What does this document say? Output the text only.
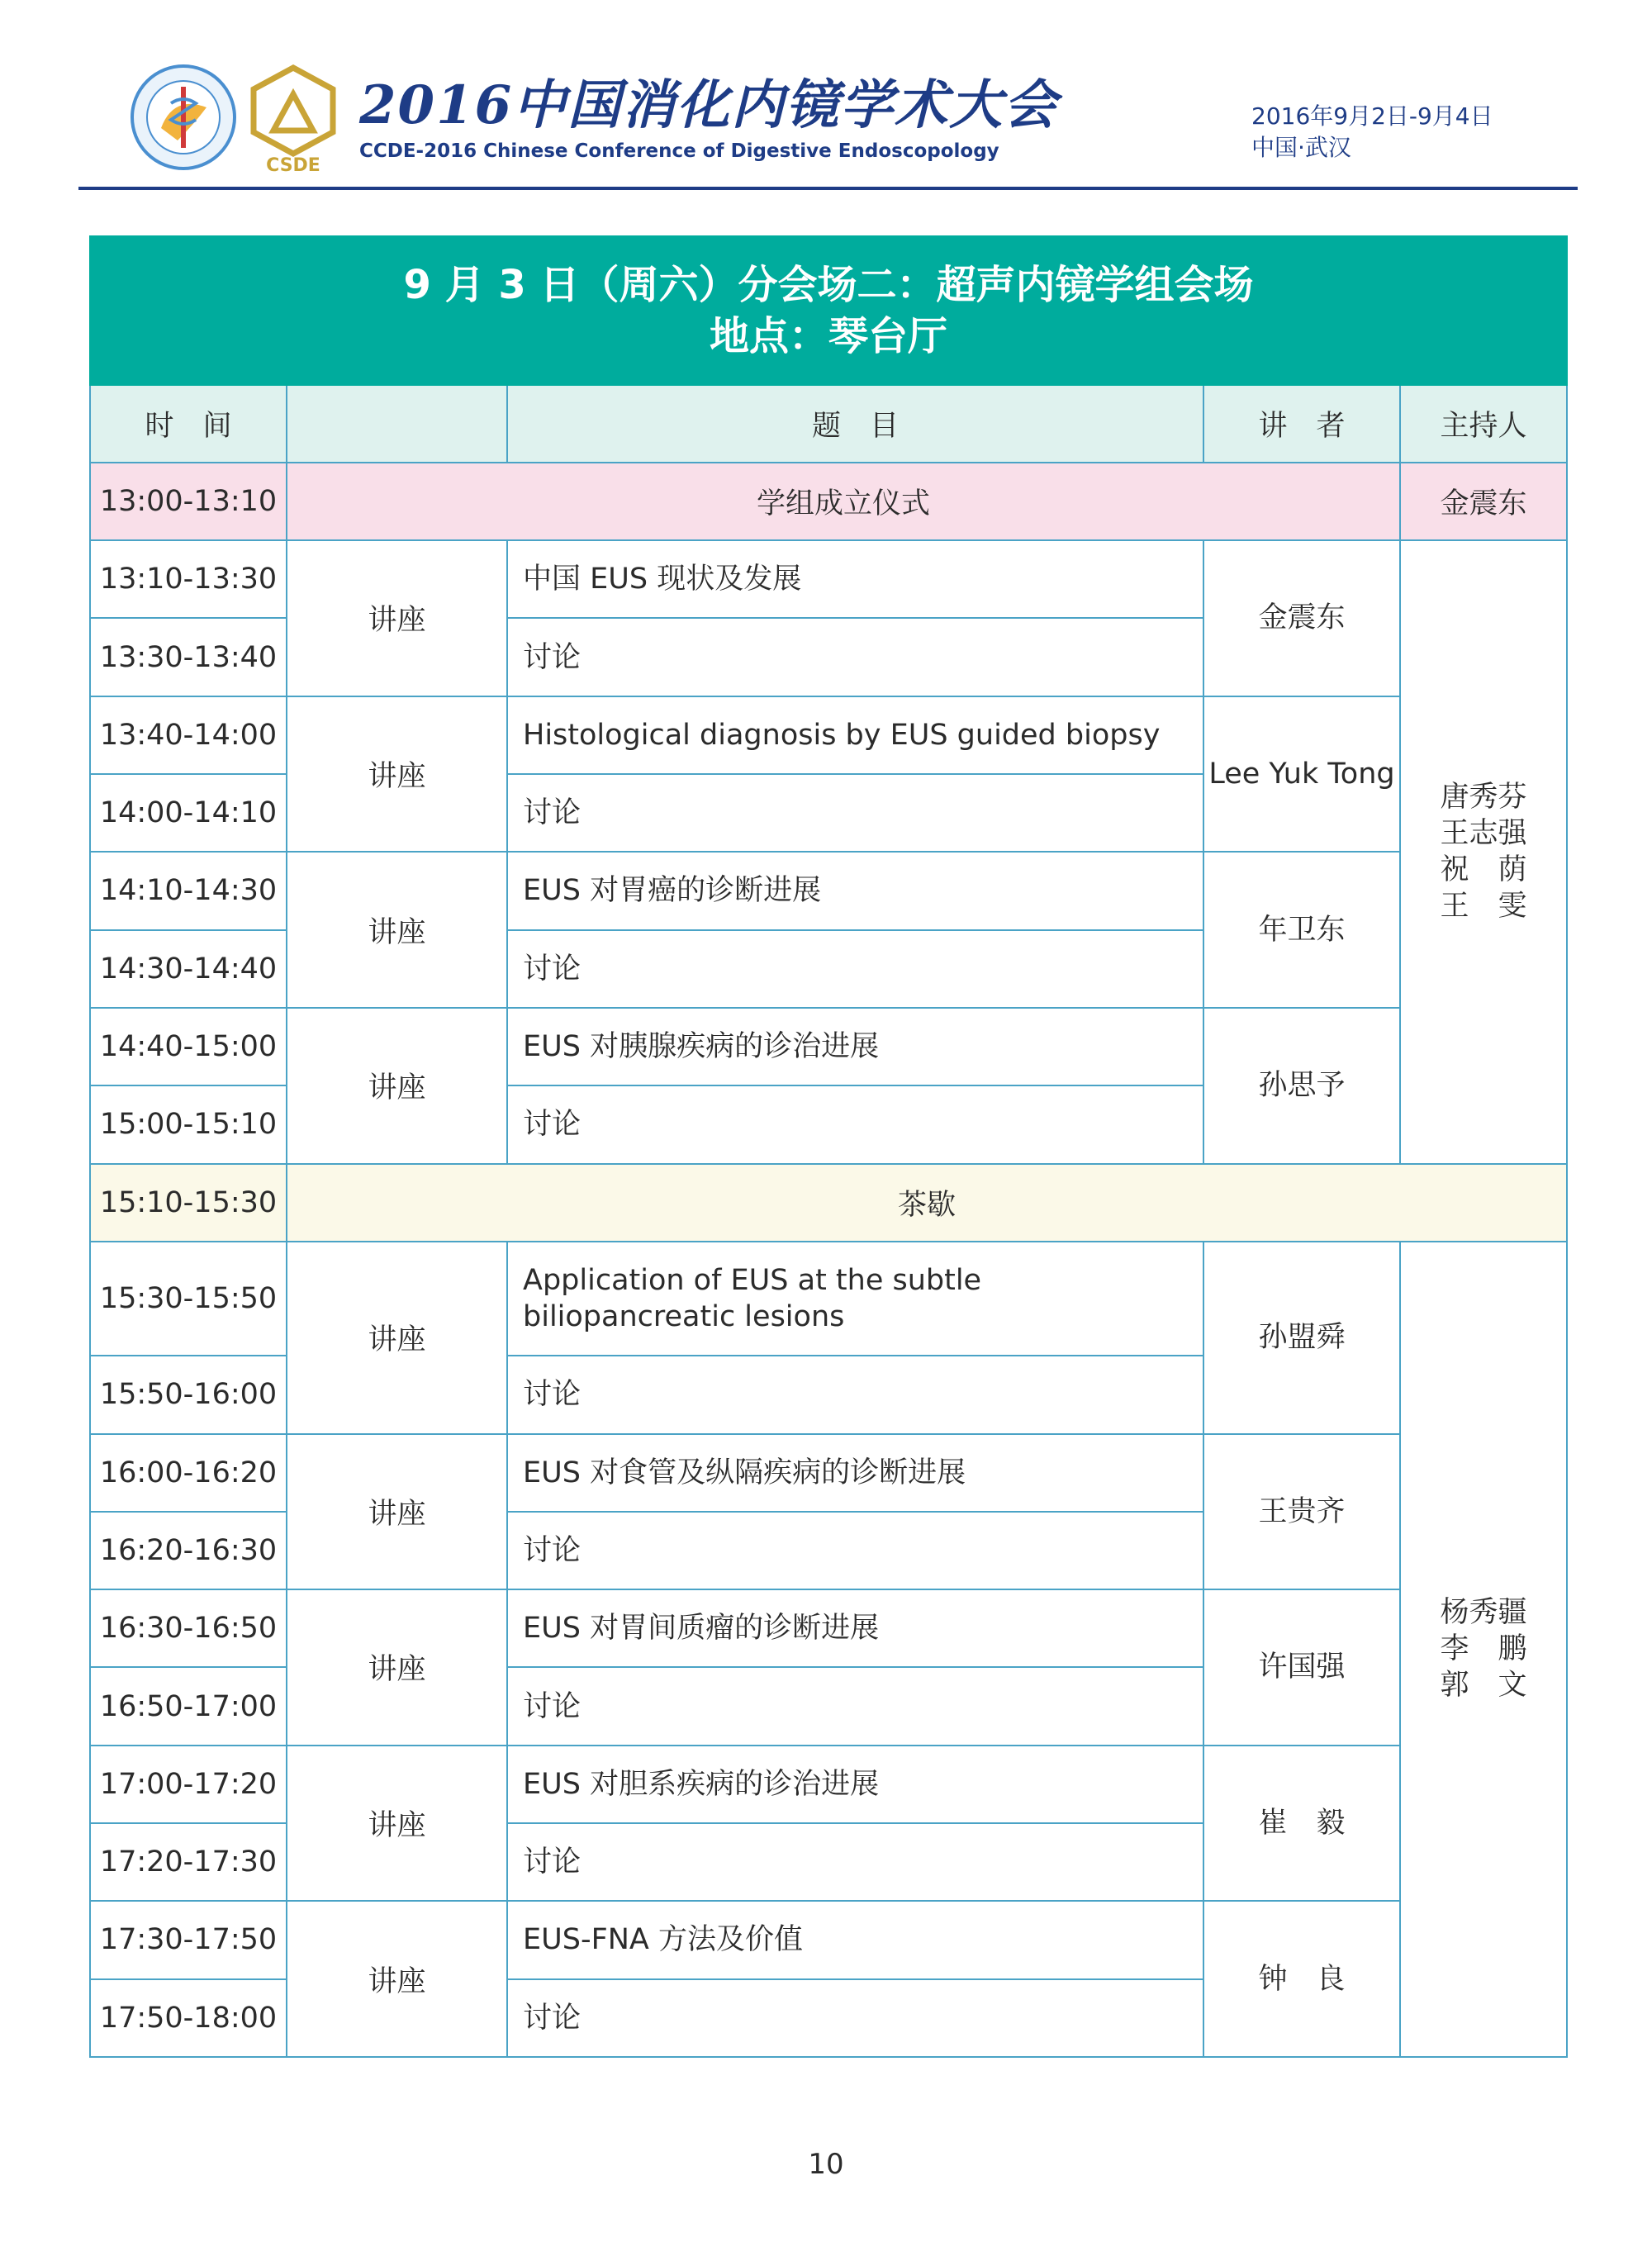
CSDE
2016中国消化内镜学术大会
CCDE-2016 Chinese Conference of Digestive Endoscopology
2016年9月2日-9月4日
中国·武汉
9 月 3 日（周六）分会场二：超声内镜学组会场
地点：琴台厅				

时　间		题　目	讲　者	主持人
13:00-13:10	学组成立仪式			金震东
13:10-13:30	讲座	中国 EUS 现状及发展	金震东	唐秀芬
王志强
祝　荫
王　雯

13:30-13:40		讨论		
13:40-14:00	讲座	Histological diagnosis by EUS guided biopsy	Lee Yuk Tong	
14:00-14:10		讨论		
14:10-14:30	讲座	EUS 对胃癌的诊断进展	年卫东	
14:30-14:40		讨论		
14:40-15:00	讲座	EUS 对胰腺疾病的诊治进展	孙思予	
15:00-15:10		讨论		
15:10-15:30	茶歇			
15:30-15:50	讲座	Application of EUS at the subtle biliopancreatic lesions	孙盟舜	杨秀疆
李　鹏
郭　文

15:50-16:00		讨论		
16:00-16:20	讲座	EUS 对食管及纵隔疾病的诊断进展	王贵齐	
16:20-16:30		讨论		
16:30-16:50	讲座	EUS 对胃间质瘤的诊断进展	许国强	
16:50-17:00		讨论		
17:00-17:20	讲座	EUS 对胆系疾病的诊治进展	崔　毅	
17:20-17:30		讨论		
17:30-17:50	讲座	EUS-FNA 方法及价值	钟　良	
17:50-18:00		讨论		
10
